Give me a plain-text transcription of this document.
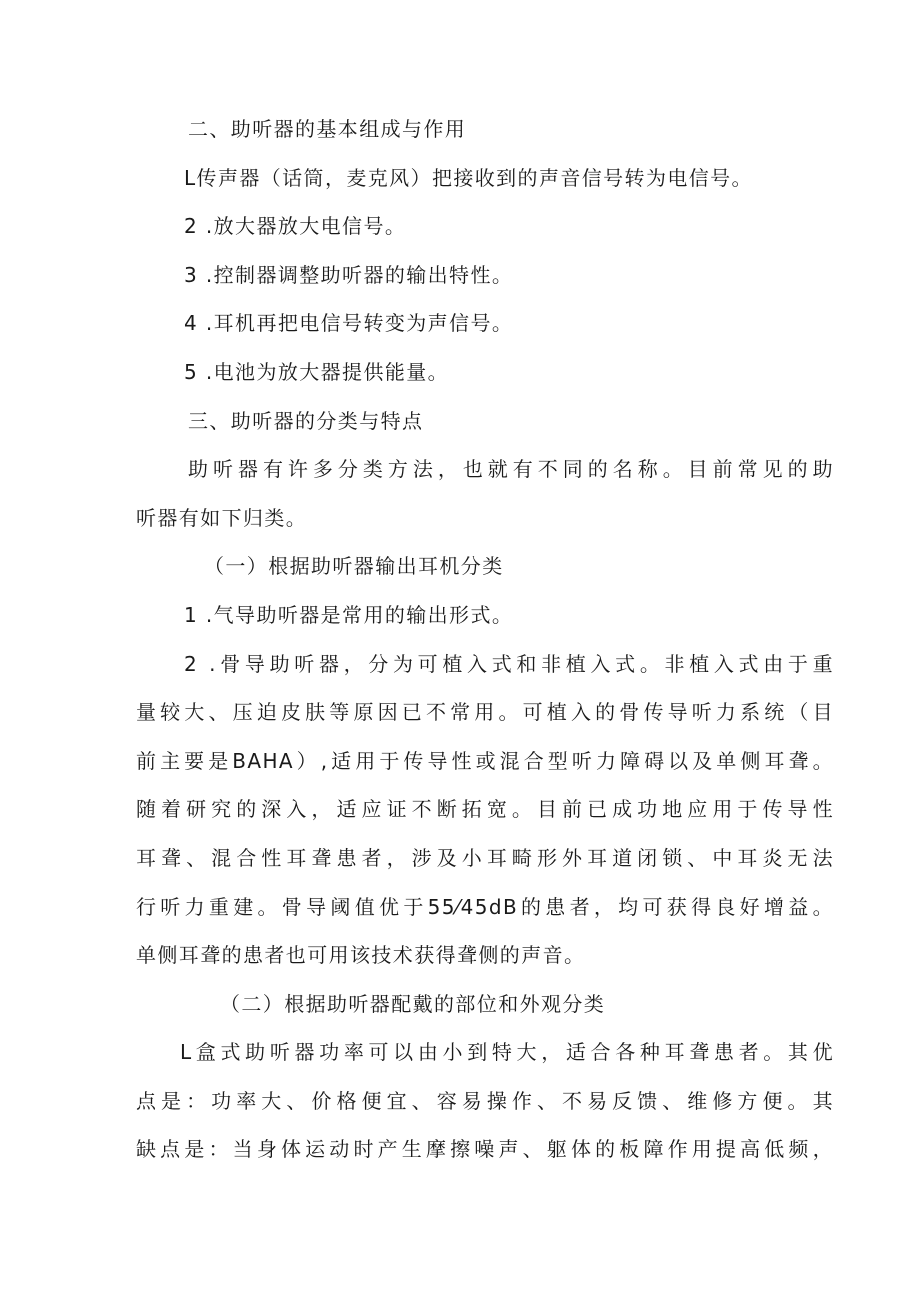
二、助听器的基本组成与作用
L传声器（话筒，麦克风）把接收到的声音信号转为电信号。
2 .放大器放大电信号。
3 .控制器调整助听器的输出特性。
4 .耳机再把电信号转变为声信号。
5 .电池为放大器提供能量。
三、助听器的分类与特点
助听器有许多分类方法，也就有不同的名称。目前常见的助
听器有如下归类。
（一）根据助听器输出耳机分类
1 .气导助听器是常用的输出形式。
2 .骨导助听器，分为可植入式和非植入式。非植入式由于重
量较大、压迫皮肤等原因已不常用。可植入的骨传导听力系统（目
前主要是BAHA）,适用于传导性或混合型听力障碍以及单侧耳聋。
随着研究的深入，适应证不断拓宽。目前已成功地应用于传导性
耳聋、混合性耳聋患者，涉及小耳畸形外耳道闭锁、中耳炎无法
行听力重建。骨导阈值优于55⁄45dB的患者，均可获得良好增益。
单侧耳聋的患者也可用该技术获得聋侧的声音。
（二）根据助听器配戴的部位和外观分类
L盒式助听器功率可以由小到特大，适合各种耳聋患者。其优
点是：功率大、价格便宜、容易操作、不易反馈、维修方便。其
缺点是：当身体运动时产生摩擦噪声、躯体的板障作用提高低频，
